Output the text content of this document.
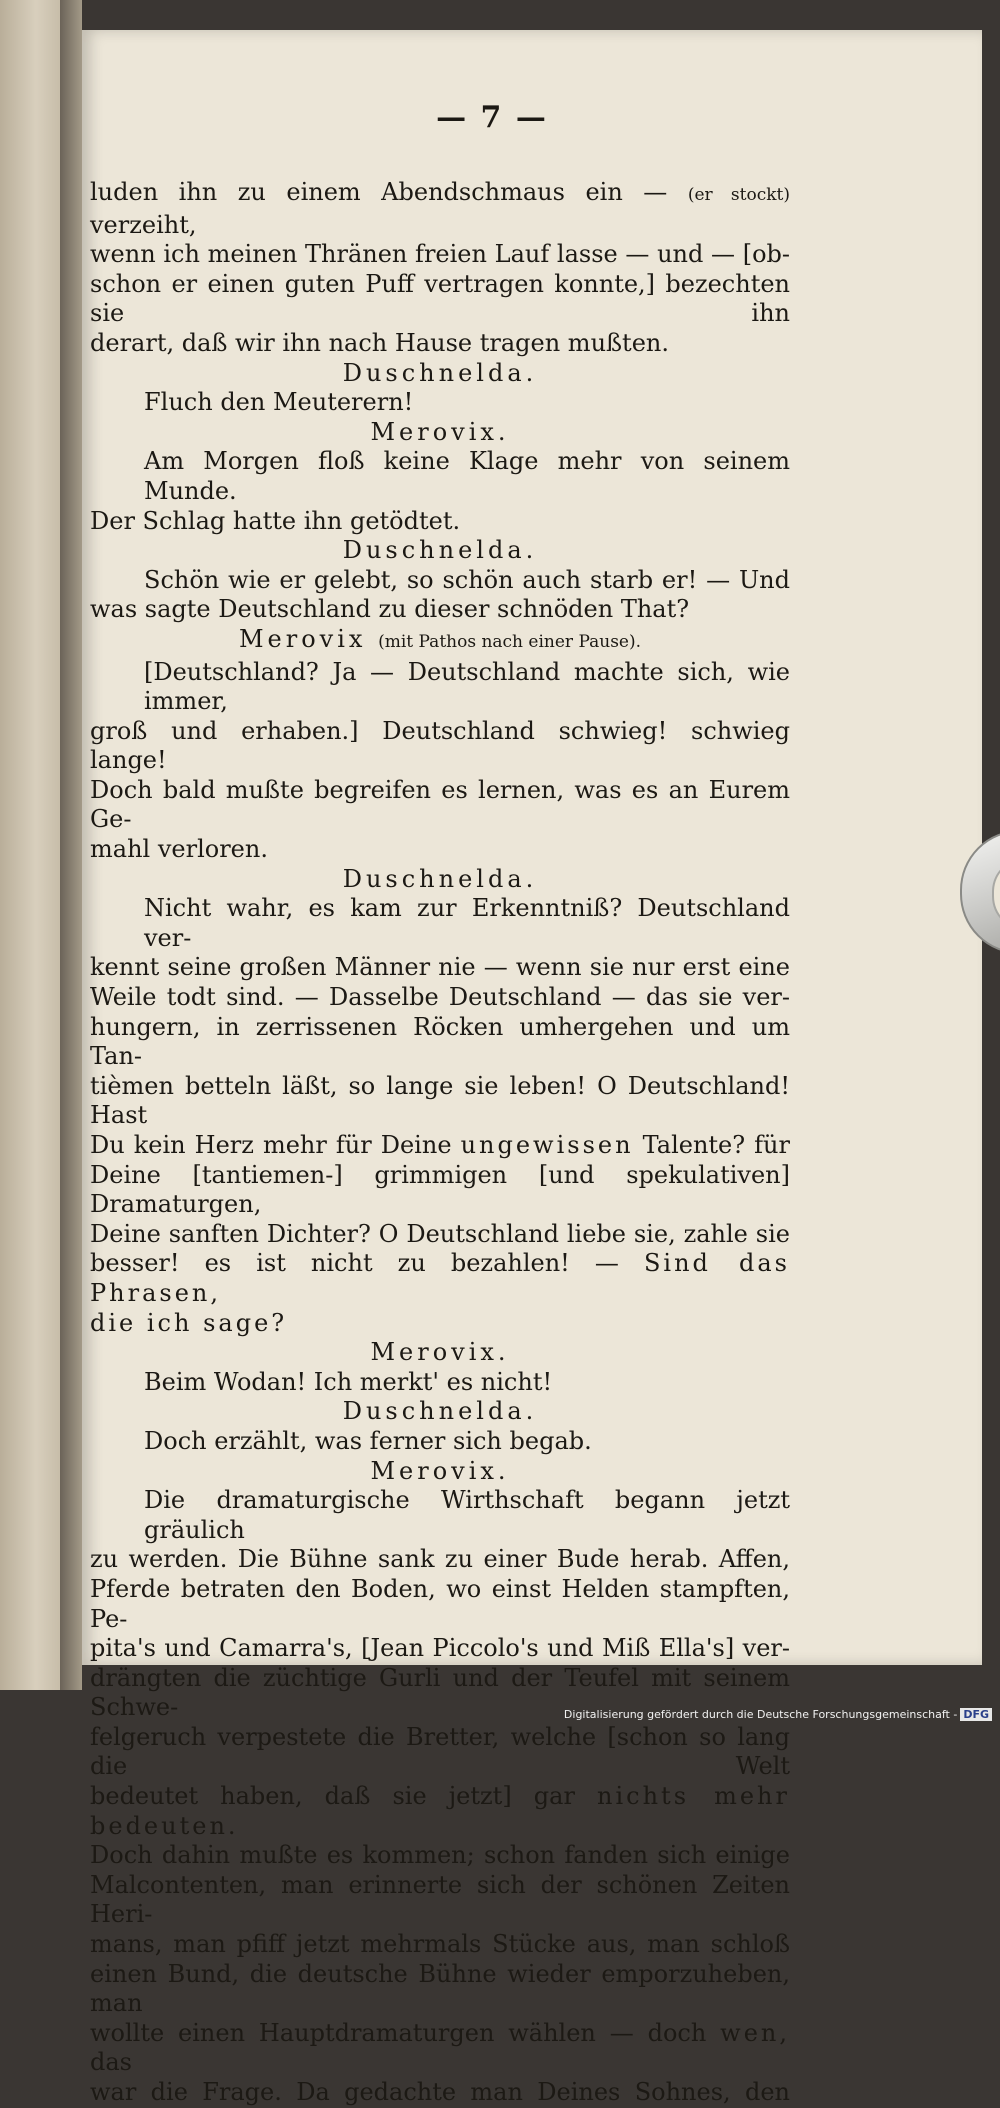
— 7 —
luden ihn zu einem Abendschmaus ein — (er stockt) verzeiht,
wenn ich meinen Thränen freien Lauf lasse — und — [ob-
schon er einen guten Puff vertragen konnte,] bezechten sie ihn
derart, daß wir ihn nach Hause tragen mußten.
Duschnelda.
Fluch den Meuterern!
Merovix.
Am Morgen floß keine Klage mehr von seinem Munde.
Der Schlag hatte ihn getödtet.
Duschnelda.
Schön wie er gelebt, so schön auch starb er! — Und
was sagte Deutschland zu dieser schnöden That?
Merovix (mit Pathos nach einer Pause).
[Deutschland? Ja — Deutschland machte sich, wie immer,
groß und erhaben.] Deutschland schwieg! schwieg lange!
Doch bald mußte begreifen es lernen, was es an Eurem Ge-
mahl verloren.
Duschnelda.
Nicht wahr, es kam zur Erkenntniß? Deutschland ver-
kennt seine großen Männer nie — wenn sie nur erst eine
Weile todt sind. — Dasselbe Deutschland — das sie ver-
hungern, in zerrissenen Röcken umhergehen und um Tan-
tièmen betteln läßt, so lange sie leben! O Deutschland! Hast
Du kein Herz mehr für Deine ungewissen Talente? für
Deine [tantiemen-] grimmigen [und spekulativen] Dramaturgen,
Deine sanften Dichter? O Deutschland liebe sie, zahle sie
besser! es ist nicht zu bezahlen! — Sind das Phrasen,
die ich sage?
Merovix.
Beim Wodan! Ich merkt' es nicht!
Duschnelda.
Doch erzählt, was ferner sich begab.
Merovix.
Die dramaturgische Wirthschaft begann jetzt gräulich
zu werden. Die Bühne sank zu einer Bude herab. Affen,
Pferde betraten den Boden, wo einst Helden stampften, Pe-
pita's und Camarra's, [Jean Piccolo's und Miß Ella's] ver-
drängten die züchtige Gurli und der Teufel mit seinem Schwe-
felgeruch verpestete die Bretter, welche [schon so lang die Welt
bedeutet haben, daß sie jetzt] gar nichts mehr bedeuten.
Doch dahin mußte es kommen; schon fanden sich einige
Malcontenten, man erinnerte sich der schönen Zeiten Heri-
mans, man pfiff jetzt mehrmals Stücke aus, man schloß
einen Bund, die deutsche Bühne wieder emporzuheben, man
wollte einen Hauptdramaturgen wählen — doch wen, das
war die Frage. Da gedachte man Deines Sohnes, den
Digitalisierung gefördert durch die Deutsche Forschungsgemeinschaft - DFG
